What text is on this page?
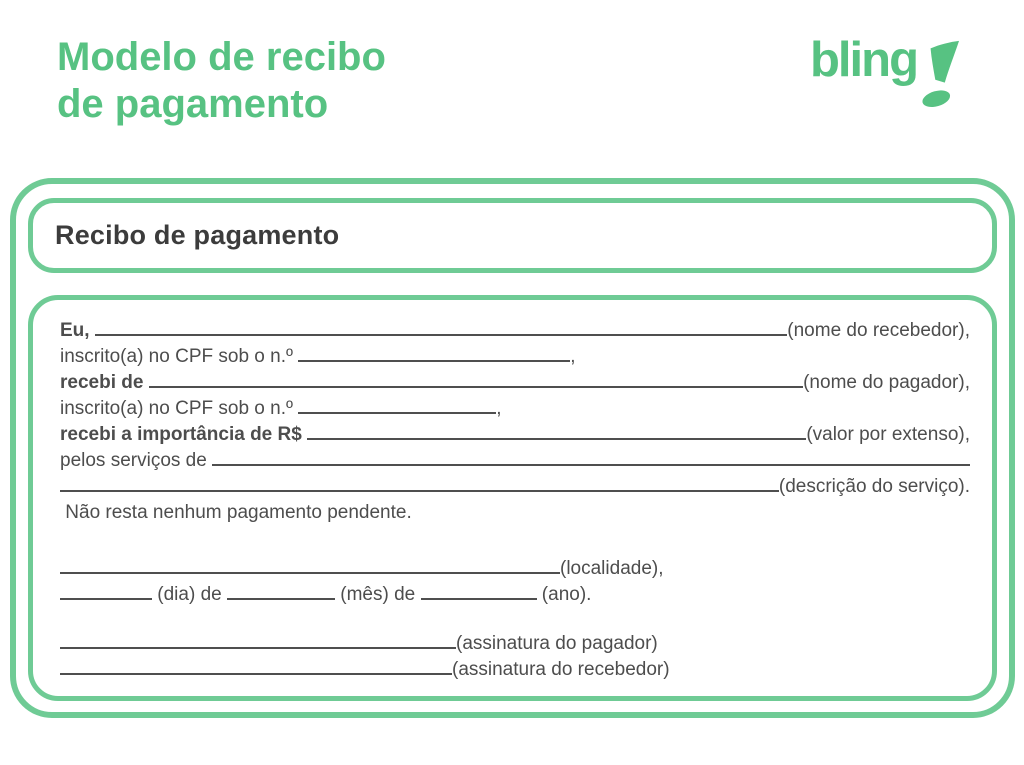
Modelo de recibo
de pagamento
bling
Recibo de pagamento
Eu,
	(nome do recebedor),
inscrito(a) no CPF sob o n.º	,
recebi de	(nome do pagador),
inscrito(a) no CPF sob o n.º	,
recebi a importância de R$	(valor por extenso),
pelos serviços de
(descrição do serviço).
Não resta nenhum pagamento pendente.
(localidade),
(dia) de	(mês) de	(ano).
(assinatura do pagador)
(assinatura do recebedor)
